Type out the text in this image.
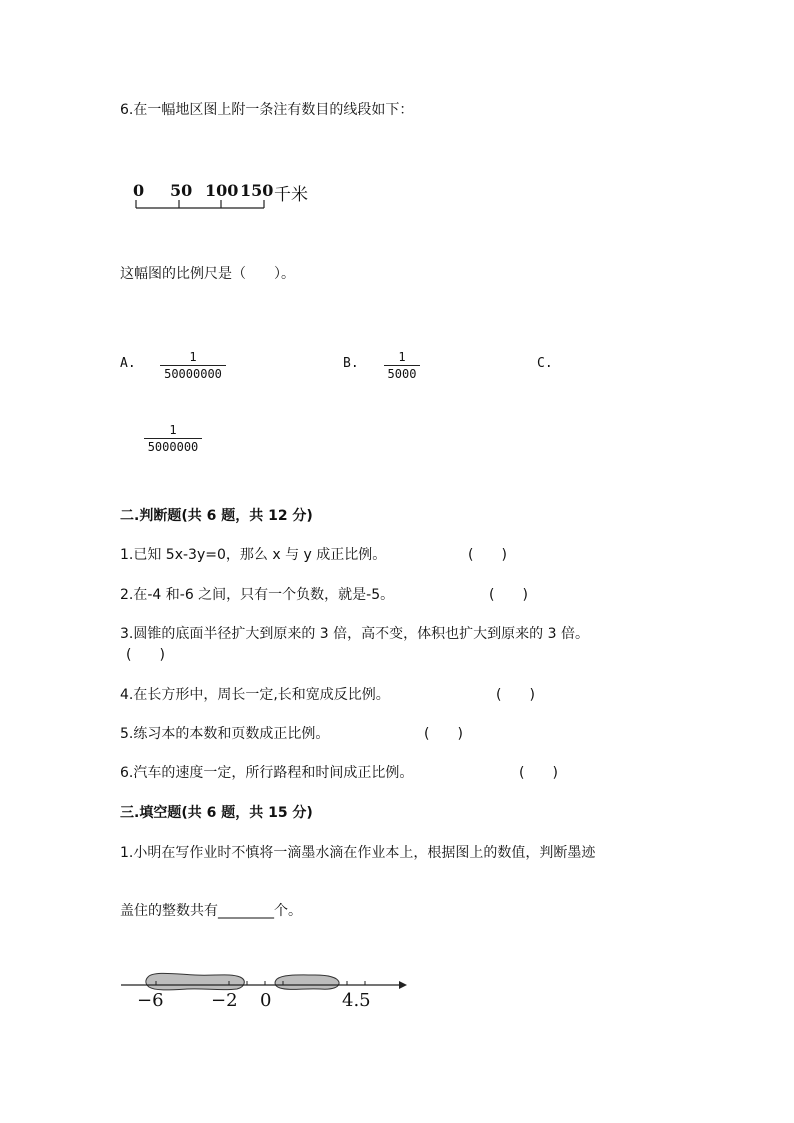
6.在一幅地区图上附一条注有数目的线段如下：
0 50 100 150 千米
这幅图的比例尺是（　　）。
A.	1
50000000
B.	1
5000
C.
1
5000000
二.判断题(共 6 题，共 12 分)
1.已知 5x-3y=0，那么 x 与 y 成正比例。	(　　)
2.在-4 和-6 之间，只有一个负数，就是-5。	(　　)
3.圆锥的底面半径扩大到原来的 3 倍，高不变，体积也扩大到原来的 3 倍。
(　　)
4.在长方形中，周长一定,长和宽成反比例。	(　　)
5.练习本的本数和页数成正比例。	(　　)
6.汽车的速度一定，所行路程和时间成正比例。	(　　)
三.填空题(共 6 题，共 15 分)
1.小明在写作业时不慎将一滴墨水滴在作业本上，根据图上的数值，判断墨迹
盖住的整数共有________个。
−6	−2 0	4.5
